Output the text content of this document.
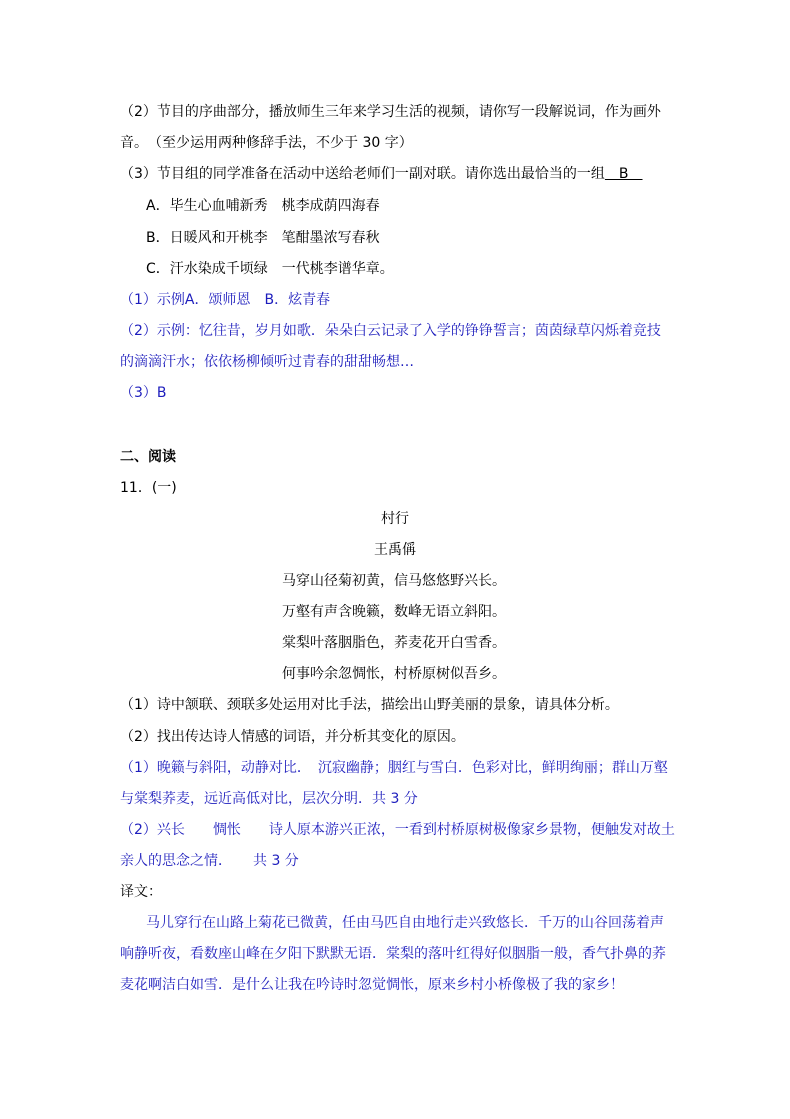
（2）节目的序曲部分，播放师生三年来学习生活的视频，请你写一段解说词，作为画外
音。　（至少运用两种修辞手法，不少于 30 字）
（3）节目组的同学准备在活动中送给老师们一副对联。请你选出最恰当的一组　B　
A．毕生心血哺新秀　桃李成荫四海春
B．日暖风和开桃李　笔酣墨浓写春秋
C．汗水染成千顷绿　一代桃李谱华章。
（1）示例A．颂师恩　B．炫青春
（2）示例：忆往昔，岁月如歌．朵朵白云记录了入学的铮铮誓言；茵茵绿草闪烁着竞技
的滴滴汗水；依依杨柳倾听过青春的甜甜畅想…
（3）B
二、阅读
11．(一)
村行
王禹偁
马穿山径菊初黄，信马悠悠野兴长。
万壑有声含晚籁，数峰无语立斜阳。
棠梨叶落胭脂色，荞麦花开白雪香。
何事吟余忽惆怅，村桥原树似吾乡。
（1）诗中颔联、颈联多处运用对比手法，描绘出山野美丽的景象，请具体分析。
（2）找出传达诗人情感的词语，并分析其变化的原因。
（1）晚籁与斜阳，动静对比．　沉寂幽静；胭红与雪白．色彩对比，鲜明绚丽；群山万壑
与棠梨荞麦，远近高低对比，层次分明．共 3 分
（2）兴长　　惆怅　　诗人原本游兴正浓，一看到村桥原树极像家乡景物，便触发对故土
亲人的思念之情．　　共 3 分
译文：
马儿穿行在山路上菊花已微黄，任由马匹自由地行走兴致悠长．千万的山谷回荡着声
响静听夜，看数座山峰在夕阳下默默无语．棠梨的落叶红得好似胭脂一般，香气扑鼻的荞
麦花啊洁白如雪．是什么让我在吟诗时忽觉惆怅，原来乡村小桥像极了我的家乡！
